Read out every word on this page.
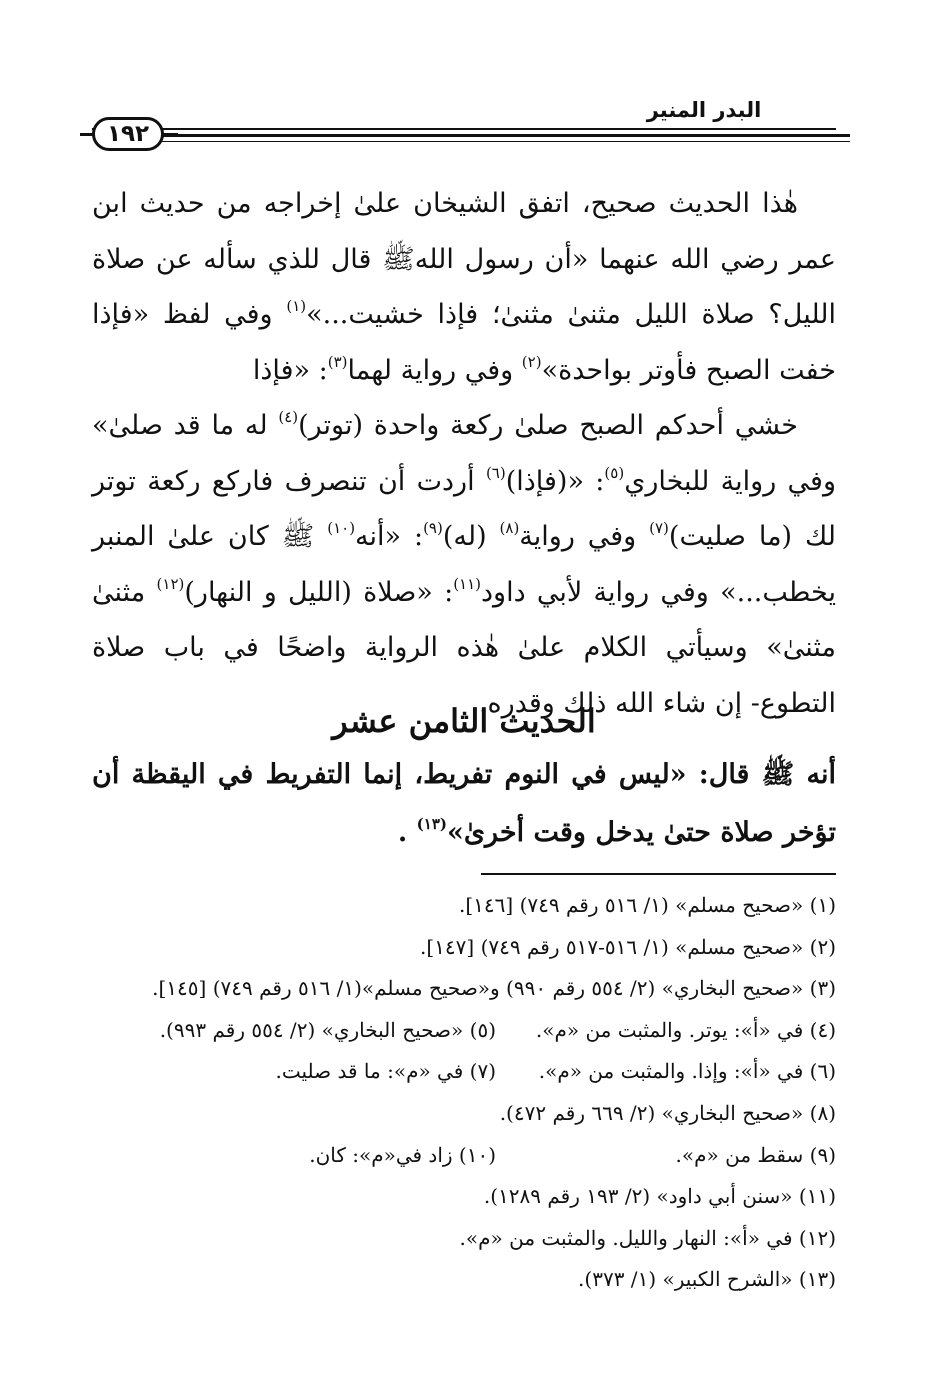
البدر المنير
١٩٢

هٰذا الحديث صحيح، اتفق الشيخان علىٰ إخراجه من حديث ابن عمر رضي الله عنهما «أن رسول اللهﷺ قال للذي سأله عن صلاة الليل؟ صلاة الليل مثنىٰ مثنىٰ؛ فإذا خشيت...»$^{(١)}$ وفي لفظ «فإذا خفت الصبح فأوتر بواحدة»$^{(٢)}$ وفي رواية لهما$^{(٣)}$: «فإذا

خشي أحدكم الصبح صلىٰ ركعة واحدة (توتر)$^{(٤)}$ له ما قد صلىٰ» وفي رواية للبخاري$^{(٥)}$: «(فإذا)$^{(٦)}$ أردت أن تنصرف فاركع ركعة توتر لك (ما صليت)$^{(٧)}$ وفي رواية$^{(٨)}$ (له)$^{(٩)}$: «أنه$^{(١٠)}$ ﷺ كان علىٰ المنبر يخطب...» وفي رواية لأبي داود$^{(١١)}$: «صلاة (الليل و النهار)$^{(١٢)}$ مثنىٰ مثنىٰ» وسيأتي الكلام علىٰ هٰذه الرواية واضحًا في باب صلاة التطوع- إن شاء الله ذلك وقدره.

الحديث الثامن عشر

أنه ﷺ قال: «ليس في النوم تفريط، إنما التفريط في اليقظة أن تؤخر صلاة حتىٰ يدخل وقت أخرىٰ»$^{(١٣)}$ .

(١) «صحيح مسلم» (١/ ٥١٦ رقم ٧٤٩) [١٤٦].
(٢) «صحيح مسلم» (١/ ٥١٦-٥١٧ رقم ٧٤٩) [١٤٧].
(٣) «صحيح البخاري» (٢/ ٥٥٤ رقم ٩٩٠) و«صحيح مسلم»(١/ ٥١٦ رقم ٧٤٩) [١٤٥].
(٤) في «أ»: يوتر. والمثبت من «م».
(٥) «صحيح البخاري» (٢/ ٥٥٤ رقم ٩٩٣).
(٦) في «أ»: وإذا. والمثبت من «م».
(٧) في «م»: ما قد صليت.
(٨) «صحيح البخاري» (٢/ ٦٦٩ رقم ٤٧٢).
(٩) سقط من «م».
(١٠) زاد في«م»: كان.
(١١) «سنن أبي داود» (٢/ ١٩٣ رقم ١٢٨٩).
(١٢) في «أ»: النهار والليل. والمثبت من «م».
(١٣) «الشرح الكبير» (١/ ٣٧٣).
